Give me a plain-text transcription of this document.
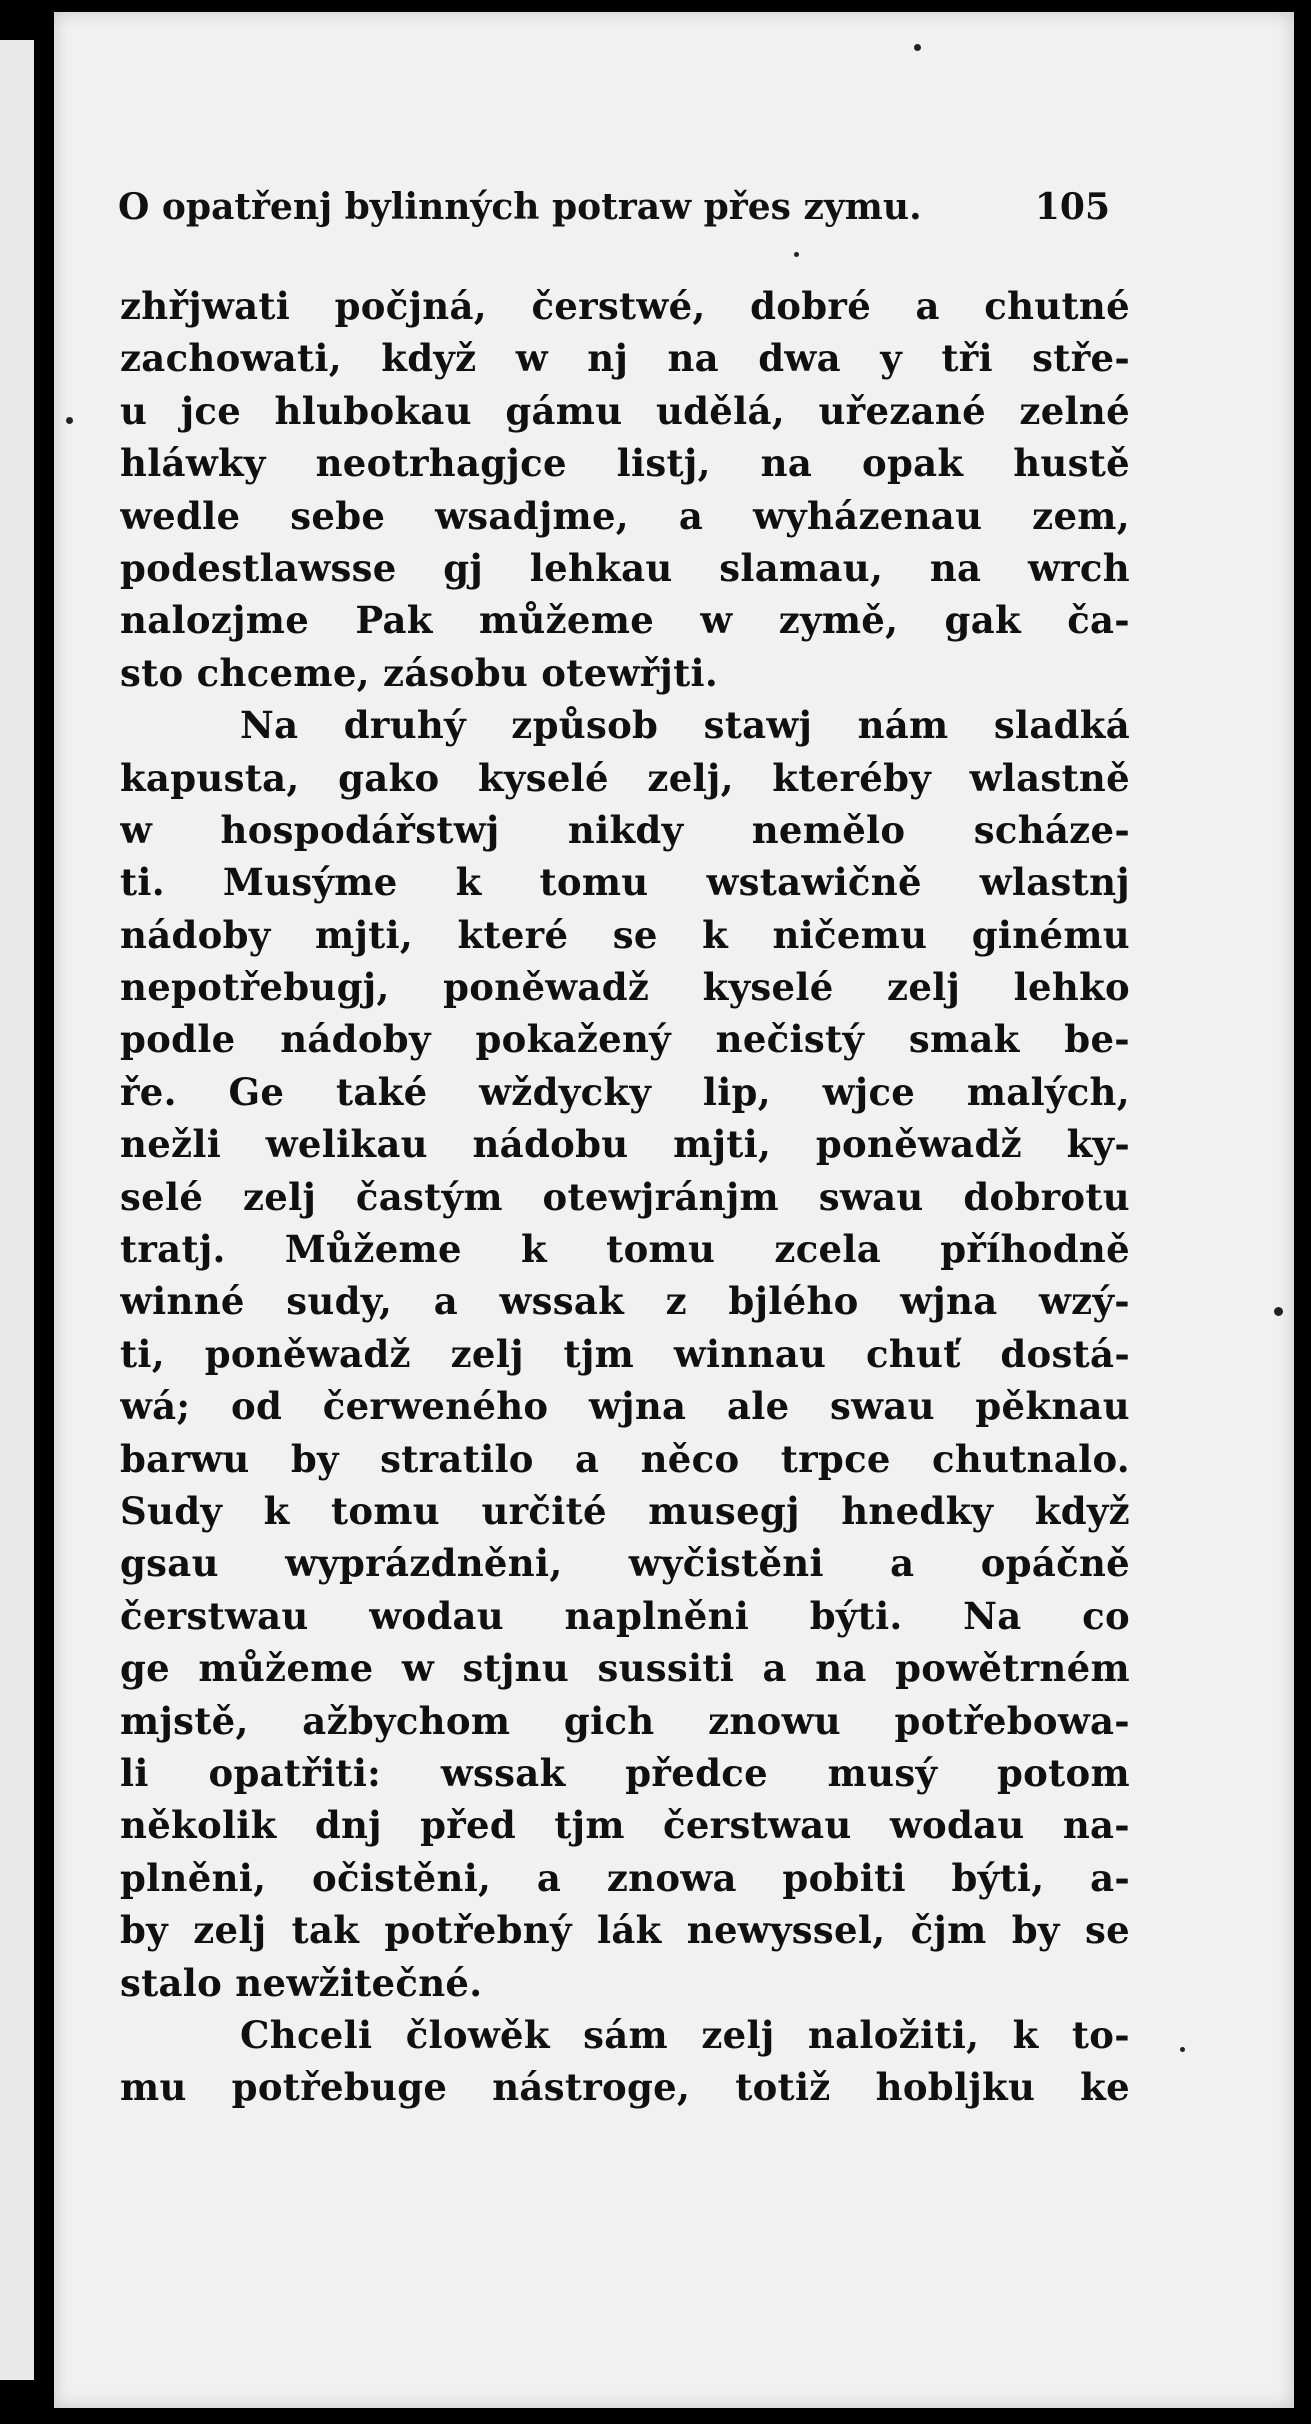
O opatřenj bylinných potraw přes zymu.	105
zhřjwati počjná, čerstwé, dobré a chutné
zachowati, když w nj na dwa y tři stře-
u jce hlubokau gámu udělá, uřezané zelné
hláwky neotrhagjce listj, na opak hustě
wedle sebe wsadjme, a wyházenau zem,
podestlawsse gj lehkau slamau, na wrch
nalozjme Pak můžeme w zymě, gak ča-
sto chceme, zásobu otewřjti.
Na druhý způsob stawj nám sladká
kapusta, gako kyselé zelj, kteréby wlastně
w hospodářstwj nikdy nemělo scháze-
ti. Musýme k tomu wstawičně wlastnj
nádoby mjti, které se k ničemu ginému
nepotřebugj, poněwadž kyselé zelj lehko
podle nádoby pokažený nečistý smak be-
ře. Ge také wždycky lip, wjce malých,
nežli welikau nádobu mjti, poněwadž ky-
selé zelj častým otewjránjm swau dobrotu
tratj. Můžeme k tomu zcela příhodně
winné sudy, a wssak z bjlého wjna wzý-
ti, poněwadž zelj tjm winnau chuť dostá-
wá; od čerweného wjna ale swau pěknau
barwu by stratilo a něco trpce chutnalo.
Sudy k tomu určité musegj hnedky když
gsau wyprázdněni, wyčistěni a opáčně
čerstwau wodau naplněni býti. Na co
ge můžeme w stjnu sussiti a na powětrném
mjstě, ažbychom gich znowu potřebowa-
li opatřiti: wssak předce musý potom
několik dnj před tjm čerstwau wodau na-
plněni, očistěni, a znowa pobiti býti, a-
by zelj tak potřebný lák newyssel, čjm by se
stalo newžitečné.
Chceli člowěk sám zelj naložiti, k to-
mu potřebuge nástroge, totiž hobljku ke
